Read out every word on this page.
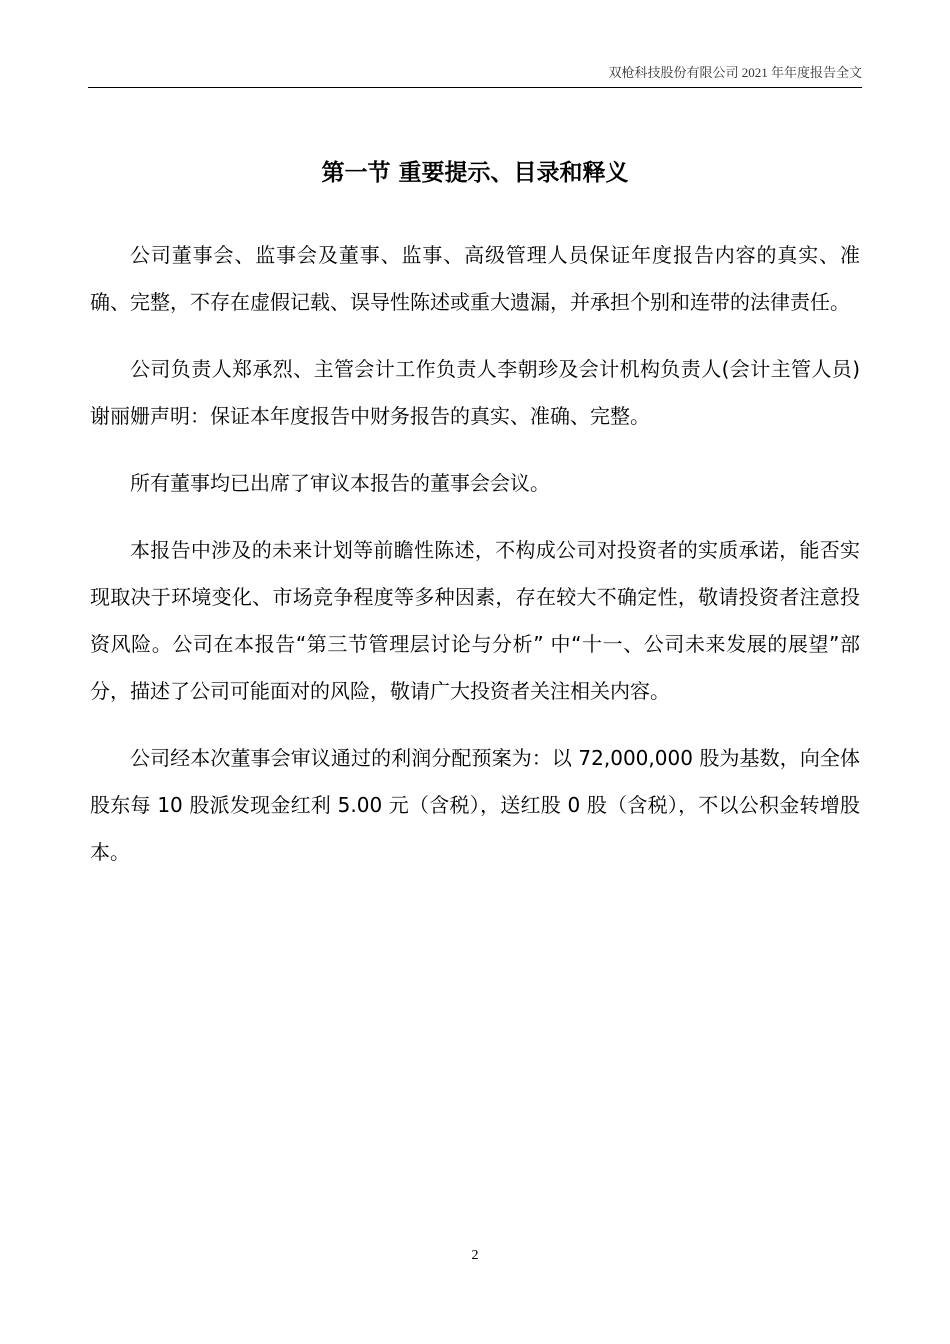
双枪科技股份有限公司 2021 年年度报告全文
第一节 重要提示、目录和释义

公司董事会、监事会及董事、监事、高级管理人员保证年度报告内容的真实、准确、完整，不存在虚假记载、误导性陈述或重大遗漏，并承担个别和连带的法律责任。

公司负责人郑承烈、主管会计工作负责人李朝珍及会计机构负责人(会计主管人员)谢丽姗声明：保证本年度报告中财务报告的真实、准确、完整。

所有董事均已出席了审议本报告的董事会会议。

本报告中涉及的未来计划等前瞻性陈述，不构成公司对投资者的实质承诺，能否实现取决于环境变化、市场竞争程度等多种因素，存在较大不确定性，敬请投资者注意投资风险。公司在本报告“第三节管理层讨论与分析” 中“十一、公司未来发展的展望”部分，描述了公司可能面对的风险，敬请广大投资者关注相关内容。

公司经本次董事会审议通过的利润分配预案为：以 72,000,000 股为基数，向全体股东每 10 股派发现金红利 5.00 元（含税），送红股 0 股（含税），不以公积金转增股本。

2
